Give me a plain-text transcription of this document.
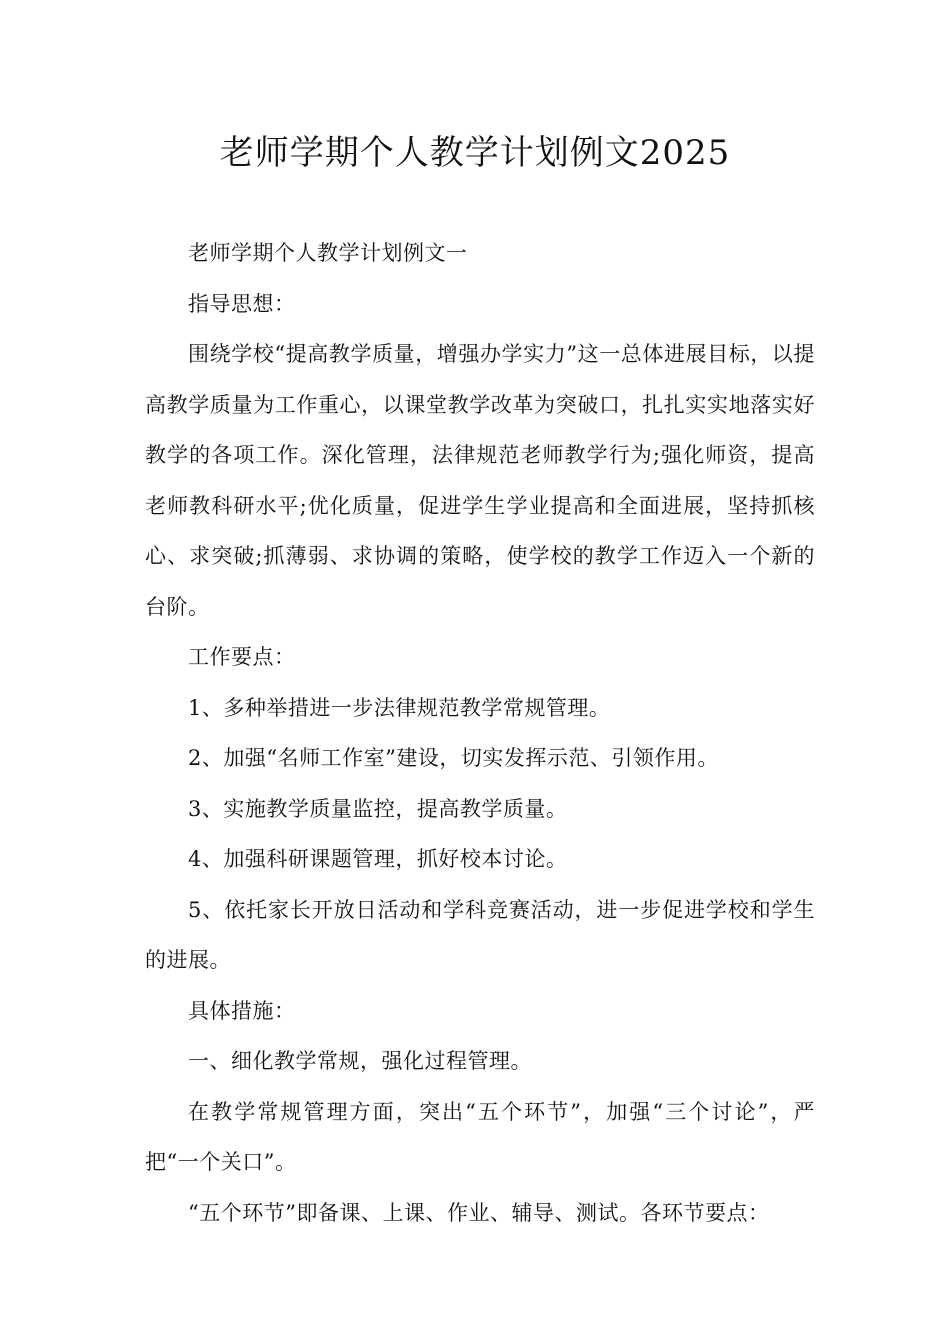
老师学期个人教学计划例文2025

老师学期个人教学计划例文一

指导思想：

围绕学校“提高教学质量，增强办学实力”这一总体进展目标，以提高教学质量为工作重心，以课堂教学改革为突破口，扎扎实实地落实好教学的各项工作。深化管理，法律规范老师教学行为;强化师资，提高老师教科研水平;优化质量，促进学生学业提高和全面进展，坚持抓核心、求突破;抓薄弱、求协调的策略，使学校的教学工作迈入一个新的台阶。

工作要点：

1、多种举措进一步法律规范教学常规管理。

2、加强“名师工作室”建设，切实发挥示范、引领作用。

3、实施教学质量监控，提高教学质量。

4、加强科研课题管理，抓好校本讨论。

5、依托家长开放日活动和学科竞赛活动，进一步促进学校和学生的进展。

具体措施：

一、细化教学常规，强化过程管理。

在教学常规管理方面，突出“五个环节”，加强“三个讨论”，严把“一个关口”。

“五个环节”即备课、上课、作业、辅导、测试。各环节要点：
